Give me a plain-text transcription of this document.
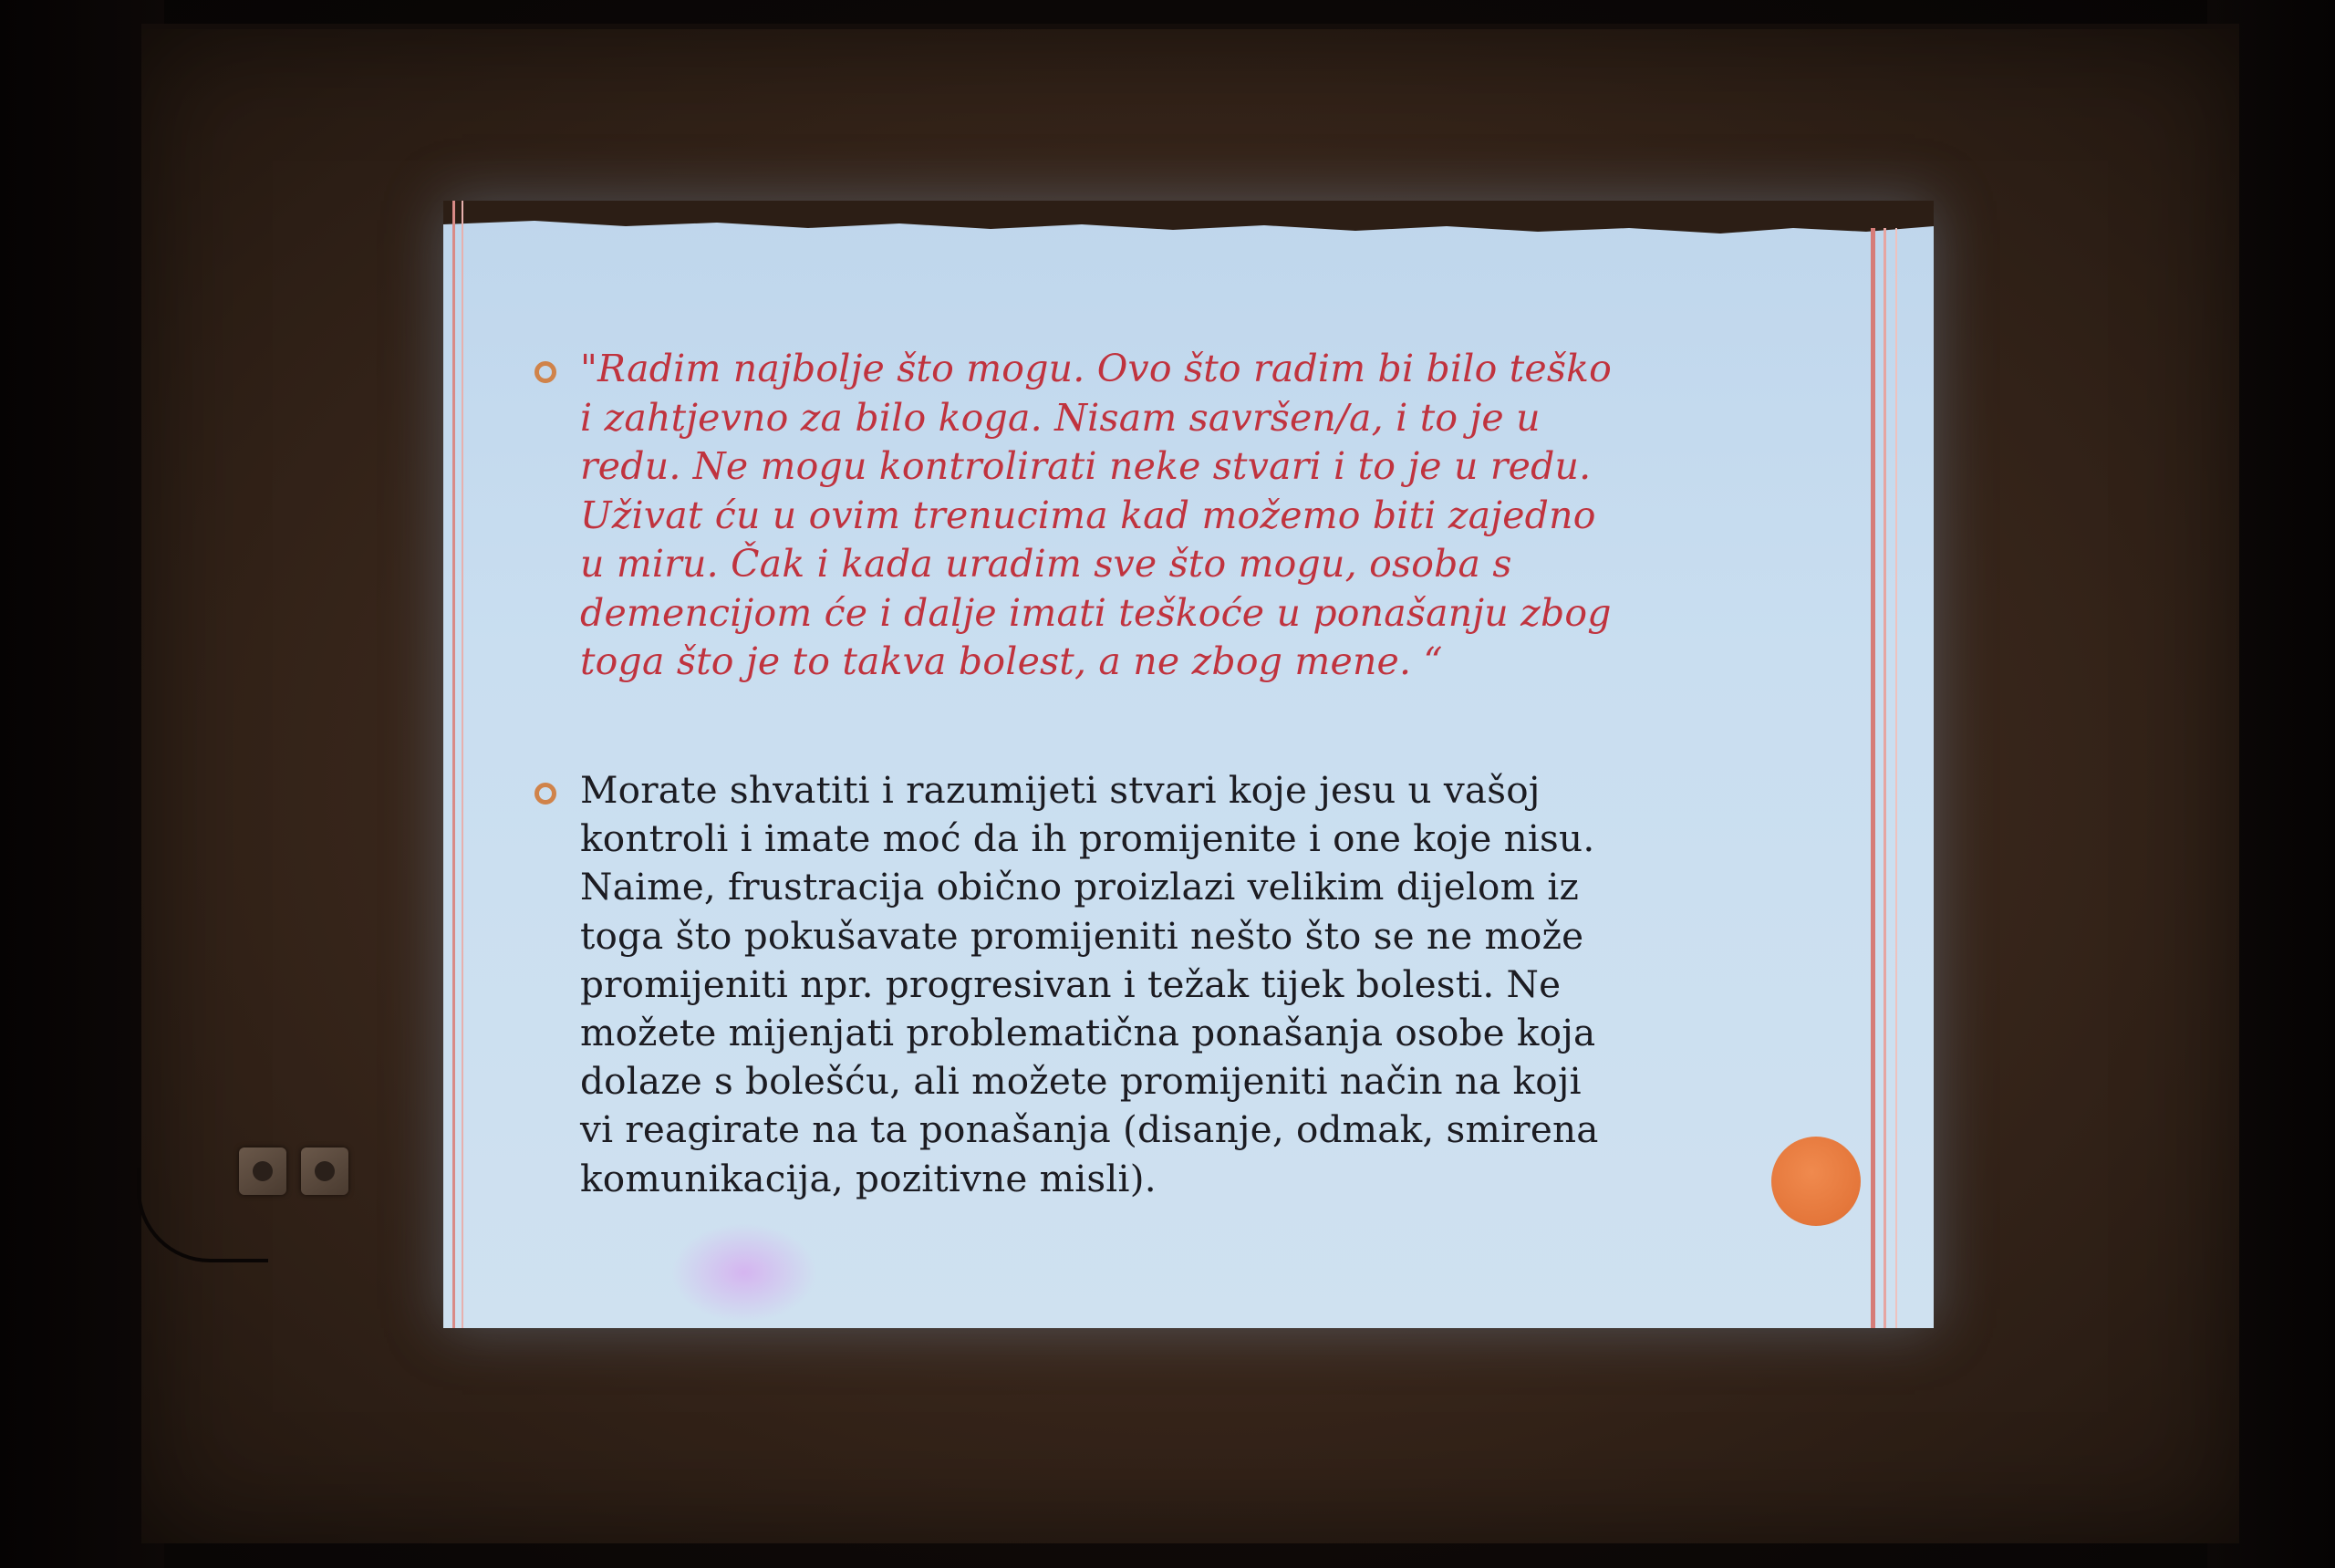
"Radim najbolje što mogu. Ovo što radim bi bilo teško
i zahtjevno za bilo koga. Nisam savršen/a, i to je u
redu. Ne mogu kontrolirati neke stvari i to je u redu.
Uživat ću u ovim trenucima kad možemo biti zajedno
u miru. Čak i kada uradim sve što mogu, osoba s
demencijom će i dalje imati teškoće u ponašanju zbog
toga što je to takva bolest, a ne zbog mene. “
Morate shvatiti i razumijeti stvari koje jesu u vašoj
kontroli i imate moć da ih promijenite i one koje nisu.
Naime, frustracija obično proizlazi velikim dijelom iz
toga što pokušavate promijeniti nešto što se ne može
promijeniti npr. progresivan i težak tijek bolesti. Ne
možete mijenjati problematična ponašanja osobe koja
dolaze s bolešću, ali možete promijeniti način na koji
vi reagirate na ta ponašanja (disanje, odmak, smirena
komunikacija, pozitivne misli).
